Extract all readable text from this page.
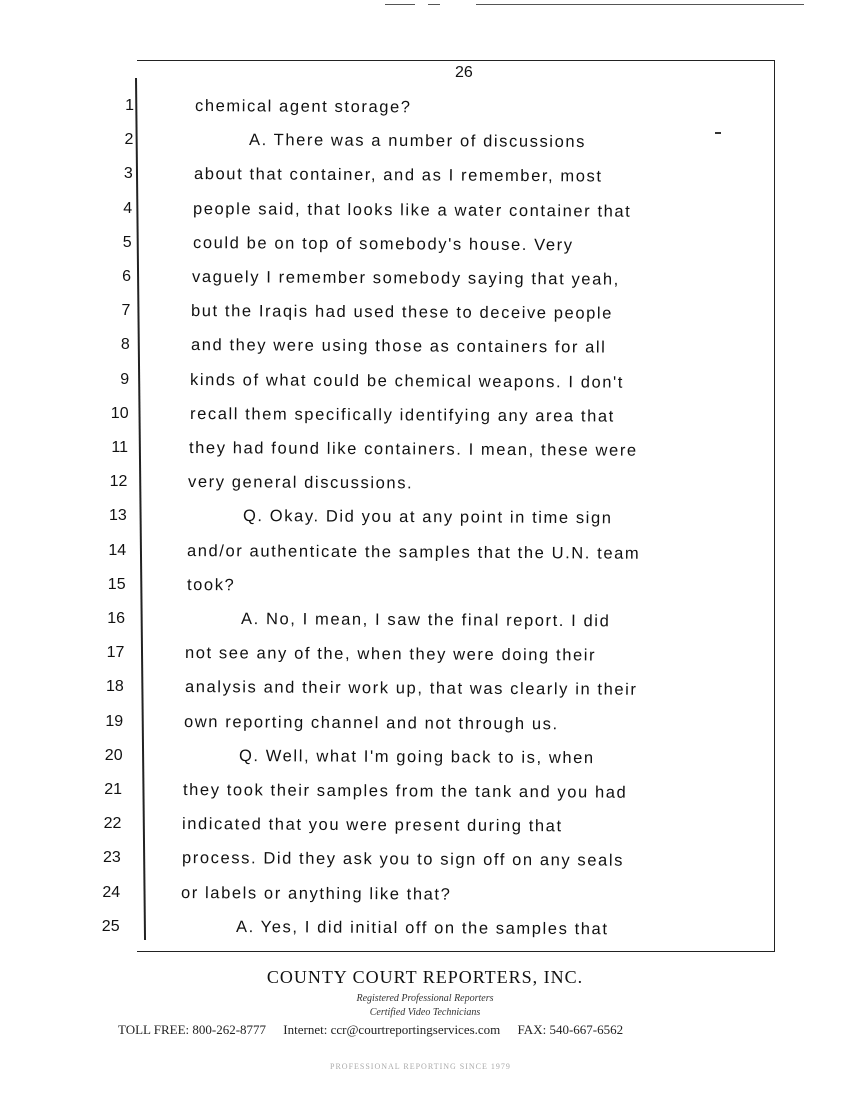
26
1	chemical agent storage?
2	A. There was a number of discussions
3	about that container, and as I remember, most
4	people said, that looks like a water container that
5	could be on top of somebody's house. Very
6	vaguely I remember somebody saying that yeah,
7	but the Iraqis had used these to deceive people
8	and they were using those as containers for all
9	kinds of what could be chemical weapons. I don't
10	recall them specifically identifying any area that
11	they had found like containers. I mean, these were
12	very general discussions.
13	Q. Okay. Did you at any point in time sign
14	and/or authenticate the samples that the U.N. team
15	took?
16	A. No, I mean, I saw the final report. I did
17	not see any of the, when they were doing their
18	analysis and their work up, that was clearly in their
19	own reporting channel and not through us.
20	Q. Well, what I'm going back to is, when
21	they took their samples from the tank and you had
22	indicated that you were present during that
23	process. Did they ask you to sign off on any seals
24	or labels or anything like that?
25	A. Yes, I did initial off on the samples that
COUNTY COURT REPORTERS, INC.
Registered Professional Reporters
Certified Video Technicians
TOLL FREE: 800-262-8777 Internet: ccr@courtreportingservices.com FAX: 540-667-6562
PROFESSIONAL REPORTING SINCE 1979
